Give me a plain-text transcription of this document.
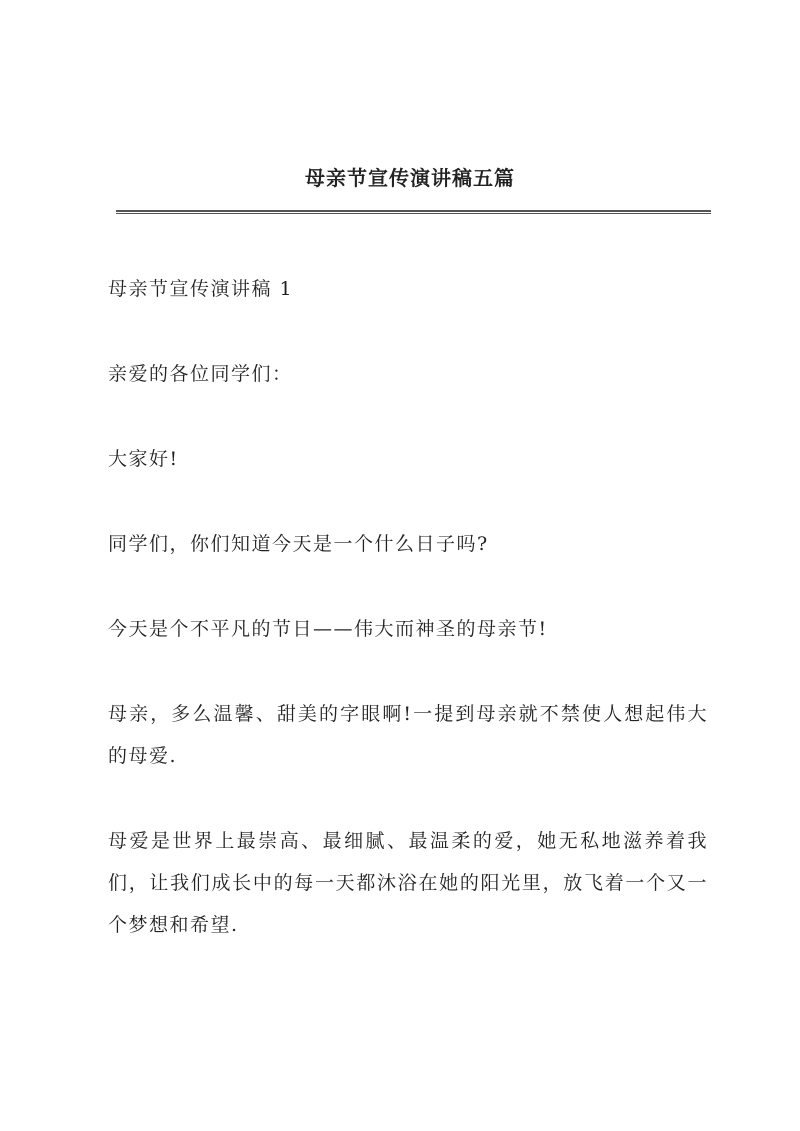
母亲节宣传演讲稿五篇

母亲节宣传演讲稿 1

亲爱的各位同学们：

大家好!

同学们，你们知道今天是一个什么日子吗?

今天是个不平凡的节日——伟大而神圣的母亲节!

母亲，多么温馨、甜美的字眼啊!一提到母亲就不禁使人想起伟大的母爱.

母爱是世界上最崇高、最细腻、最温柔的爱，她无私地滋养着我们，让我们成长中的每一天都沐浴在她的阳光里，放飞着一个又一个梦想和希望.
